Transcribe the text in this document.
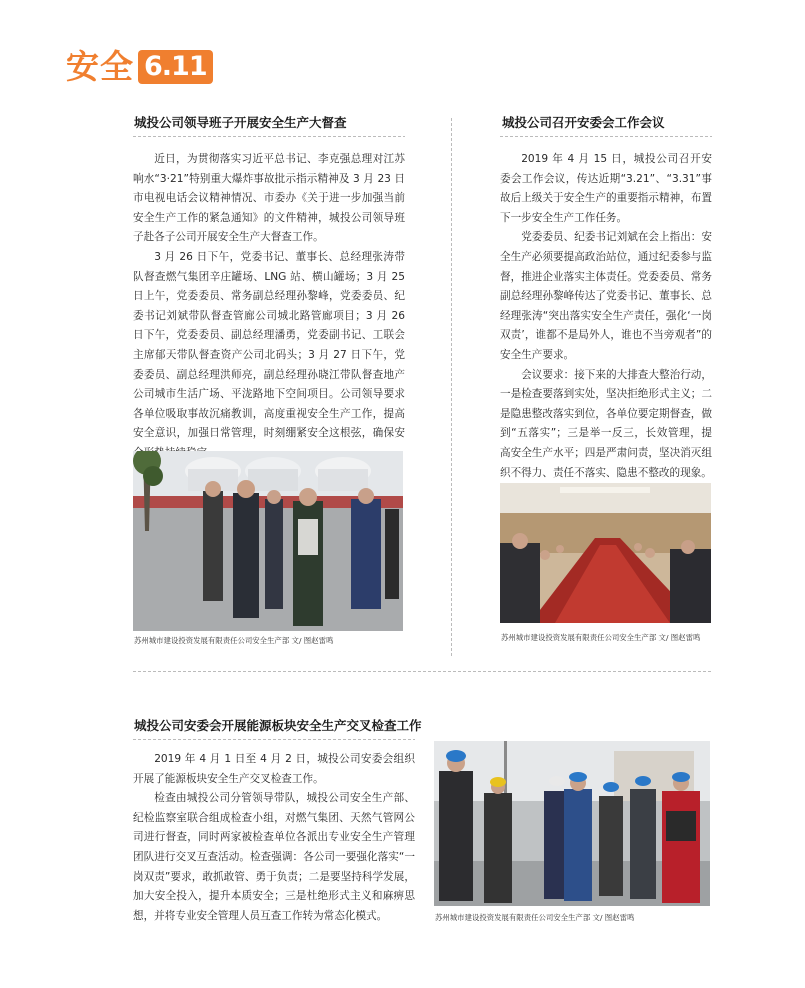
安全 6.11
城投公司领导班子开展安全生产大督查

近日，为贯彻落实习近平总书记、李克强总理对江苏响水“3·21”特别重大爆炸事故批示指示精神及 3 月 23 日市电视电话会议精神情况、市委办《关于进一步加强当前安全生产工作的紧急通知》的文件精神，城投公司领导班子赴各子公司开展安全生产大督查工作。

3 月 26 日下午，党委书记、董事长、总经理张涛带队督查燃气集团辛庄罐场、LNG 站、横山罐场；3 月 25 日上午，党委委员、常务副总经理孙黎峰，党委委员、纪委书记刘斌带队督查管廊公司城北路管廊项目；3 月 26 日下午，党委委员、副总经理潘勇，党委副书记、工联会主席郁天带队督查资产公司北码头；3 月 27 日下午，党委委员、副总经理洪师亮，副总经理孙晓江带队督查地产公司城市生活广场、平泷路地下空间项目。公司领导要求各单位吸取事故沉痛教训，高度重视安全生产工作，提高安全意识，加强日常管理，时刻绷紧安全这根弦，确保安

苏州城市建设投资发展有限责任公司安全生产部 文/ 图赵雷鸣
城投公司召开安委会工作会议

2019 年 4 月 15 日，城投公司召开安委会工作会议，传达近期“3.21”、“3.31”事故后上级关于安全生产的重要指示精神，布置下一步安全生产工作任务。

党委委员、纪委书记刘斌在会上指出：安全生产必须要提高政治站位，通过纪委参与监督，推进企业落实主体责任。党委委员、常务副总经理孙黎峰传达了党委书记、董事长、总经理张涛“突出落实安全生产责任，强化‘一岗双责’，谁都不是局外人，谁也不当旁观者”的安全生产要求。

会议要求：接下来的大排查大整治行动，一是检查要落到实处，坚决拒绝形式主义；二是隐患整改落实到位，各单位要定期督查，做到“五落实”；三是举一反三，长效管理，提高安全生产水平；四是严肃问责，坚决消灭组织不得力、责任不落实、隐患不整改的现象。

苏州城市建设投资发展有限责任公司安全生产部 文/ 图赵雷鸣
城投公司安委会开展能源板块安全生产交叉检查工作

2019 年 4 月 1 日至 4 月 2 日，城投公司安委会组织开展了能源板块安全生产交叉检查工作。

检查由城投公司分管领导带队，城投公司安全生产部、纪检监察室联合组成检查小组，对燃气集团、天然气管网公司进行督查，同时两家被检查单位各派出专业安全生产管理团队进行交叉互查活动。检查强调：各公司一要强化落实“一岗双责”要求，敢抓敢管、勇于负责；二是要坚持科学发展，加大安全投入，提升本质安全；三是杜绝形式主义和麻痹思想，并将专业安全管理人员互查工作转为常态化模式。	苏州城市建设投资发展有限责任公司安全生产部 文/ 图赵雷鸣
